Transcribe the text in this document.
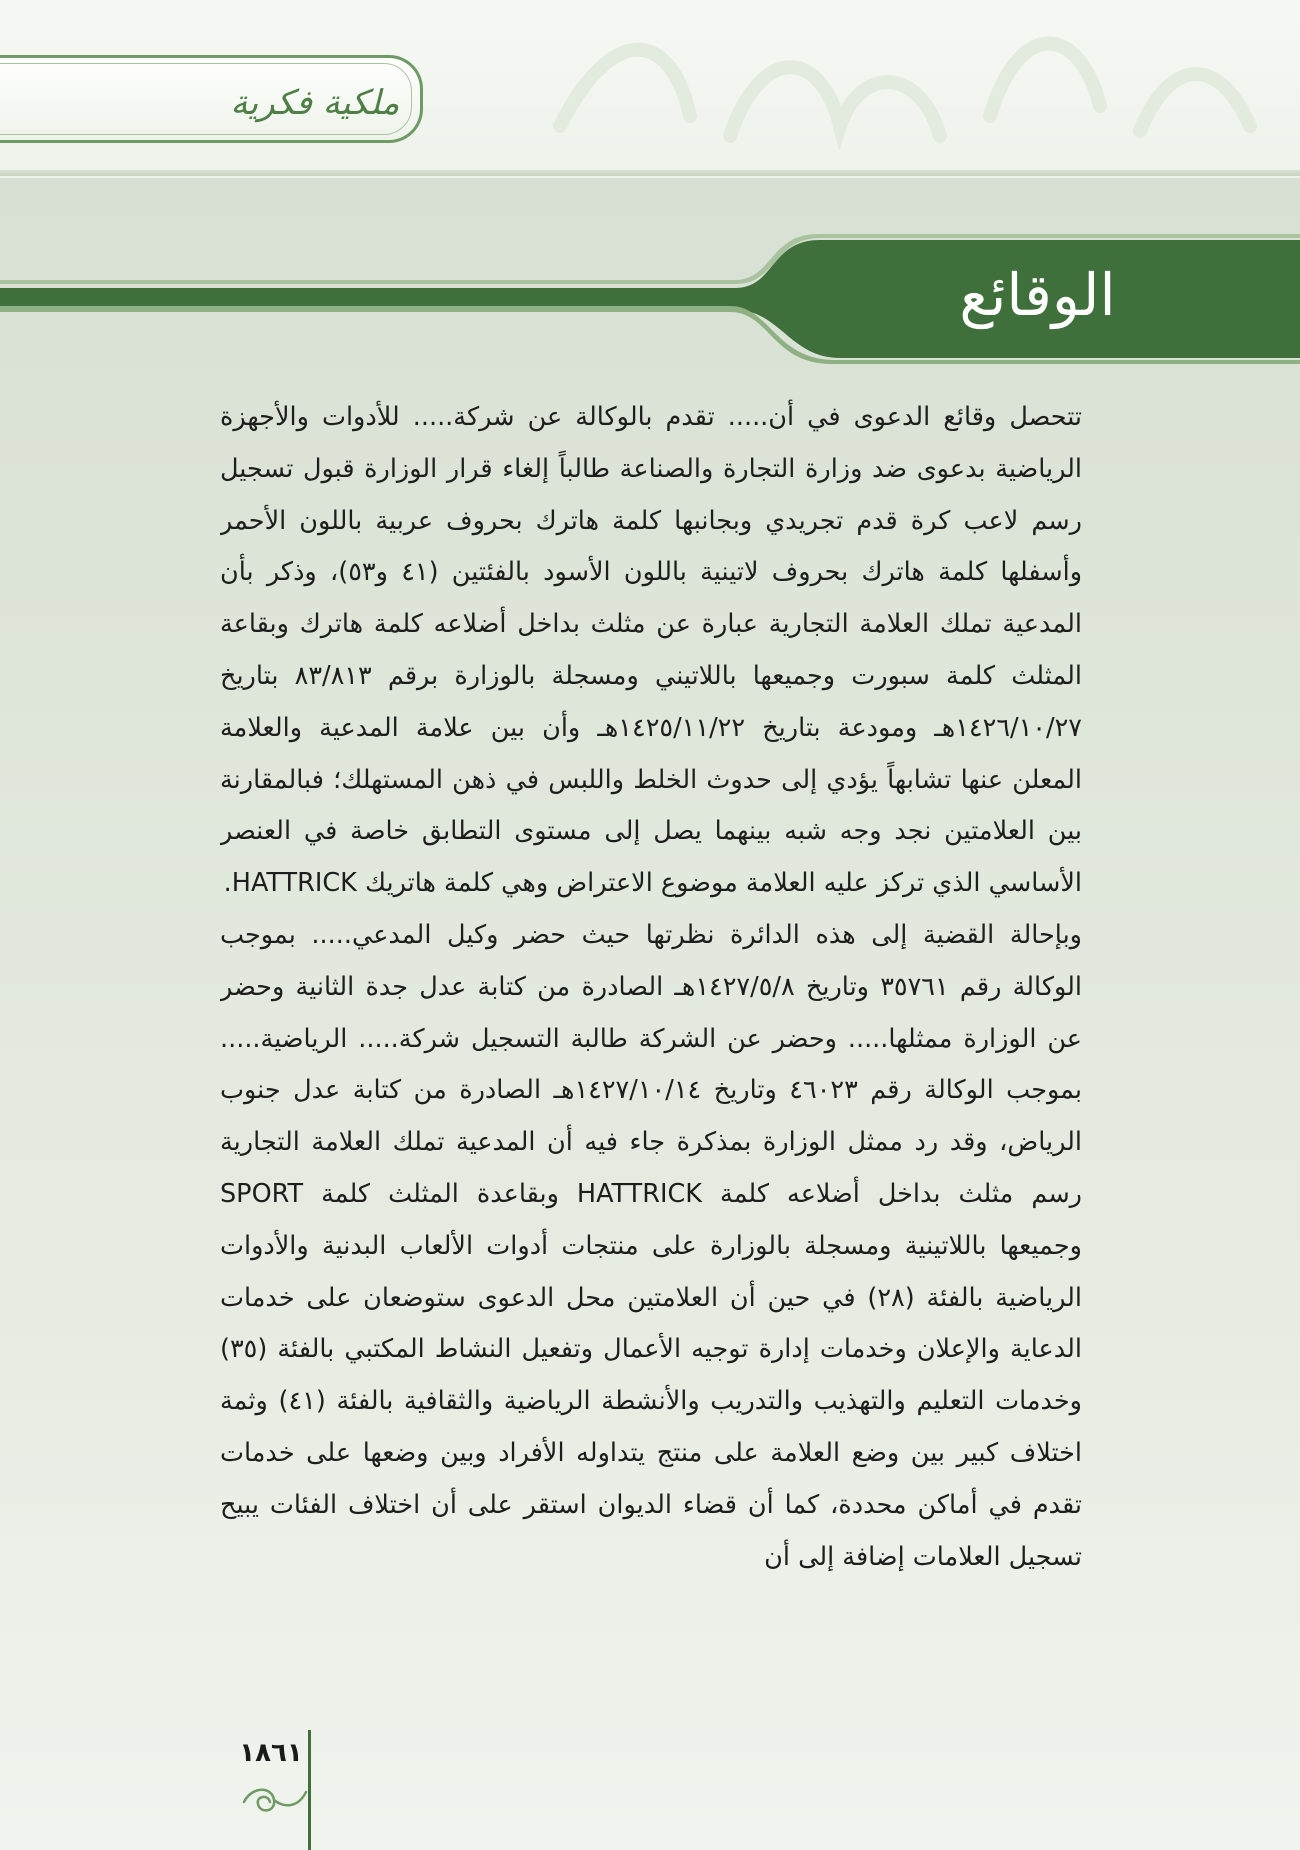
ملكية فكرية
الوقائع

تتحصل وقائع الدعوى في أن..... تقدم بالوكالة عن شركة..... للأدوات والأجهزة الرياضية بدعوى ضد وزارة التجارة والصناعة طالباً إلغاء قرار الوزارة قبول تسجيل رسم لاعب كرة قدم تجريدي وبجانبها كلمة هاترك بحروف عربية باللون الأحمر وأسفلها كلمة هاترك بحروف لاتينية باللون الأسود بالفئتين (٤١ و٥٣)، وذكر بأن المدعية تملك العلامة التجارية عبارة عن مثلث بداخل أضلاعه كلمة هاترك وبقاعة المثلث كلمة سبورت وجميعها باللاتيني ومسجلة بالوزارة برقم ٨٣/٨١٣ بتاريخ ١٤٢٦/١٠/٢٧هـ ومودعة بتاريخ ١٤٢٥/١١/٢٢هـ وأن بين علامة المدعية والعلامة المعلن عنها تشابهاً يؤدي إلى حدوث الخلط واللبس في ذهن المستهلك؛ فبالمقارنة بين العلامتين نجد وجه شبه بينهما يصل إلى مستوى التطابق خاصة في العنصر الأساسي الذي تركز عليه العلامة موضوع الاعتراض وهي كلمة هاتريك HATTRICK.

وبإحالة القضية إلى هذه الدائرة نظرتها حيث حضر وكيل المدعي..... بموجب الوكالة رقم ٣٥٧٦١ وتاريخ ١٤٢٧/٥/٨هـ الصادرة من كتابة عدل جدة الثانية وحضر عن الوزارة ممثلها..... وحضر عن الشركة طالبة التسجيل شركة..... الرياضية..... بموجب الوكالة رقم ٤٦٠٢٣ وتاريخ ١٤٢٧/١٠/١٤هـ الصادرة من كتابة عدل جنوب الرياض، وقد رد ممثل الوزارة بمذكرة جاء فيه أن المدعية تملك العلامة التجارية رسم مثلث بداخل أضلاعه كلمة HATTRICK وبقاعدة المثلث كلمة SPORT وجميعها باللاتينية ومسجلة بالوزارة على منتجات أدوات الألعاب البدنية والأدوات الرياضية بالفئة (٢٨) في حين أن العلامتين محل الدعوى ستوضعان على خدمات الدعاية والإعلان وخدمات إدارة توجيه الأعمال وتفعيل النشاط المكتبي بالفئة (٣٥) وخدمات التعليم والتهذيب والتدريب والأنشطة الرياضية والثقافية بالفئة (٤١) وثمة اختلاف كبير بين وضع العلامة على منتج يتداوله الأفراد وبين وضعها على خدمات تقدم في أماكن محددة، كما أن قضاء الديوان استقر على أن اختلاف الفئات يبيح تسجيل العلامات إضافة إلى أن

١٨٦١
